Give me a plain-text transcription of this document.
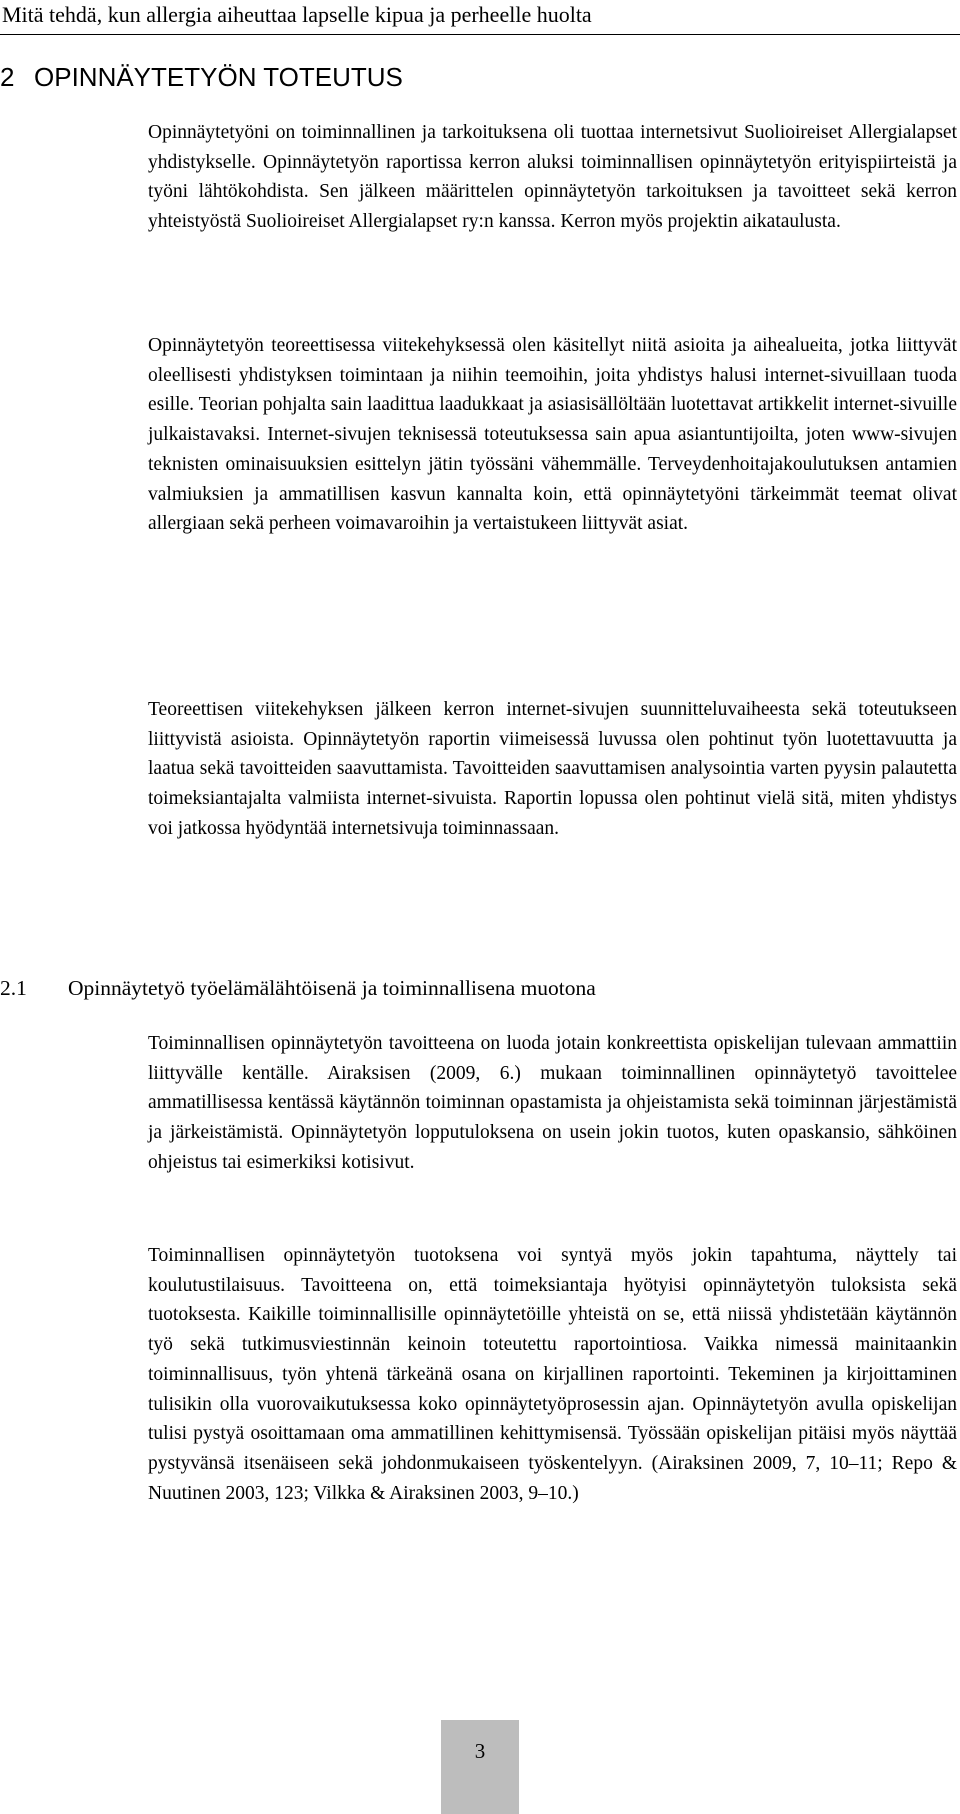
Mitä tehdä, kun allergia aiheuttaa lapselle kipua ja perheelle huolta
2 OPINNÄYTETYÖN TOTEUTUS

Opinnäytetyöni on toiminnallinen ja tarkoituksena oli tuottaa internetsivut Suolioireiset Allergialapset yhdistykselle. Opinnäytetyön raportissa kerron aluksi toiminnallisen opinnäytetyön erityispiirteistä ja työni lähtökohdista. Sen jälkeen määrittelen opinnäytetyön tarkoituksen ja tavoitteet sekä kerron yhteistyöstä Suolioireiset Allergialapset ry:n kanssa. Kerron myös projektin aikataulusta.

Opinnäytetyön teoreettisessa viitekehyksessä olen käsitellyt niitä asioita ja aihealueita, jotka liittyvät oleellisesti yhdistyksen toimintaan ja niihin teemoihin, joita yhdistys halusi internet-sivuillaan tuoda esille. Teorian pohjalta sain laadittua laadukkaat ja asiasisällöltään luotettavat artikkelit internet-sivuille julkaistavaksi. Internet-sivujen teknisessä toteutuksessa sain apua asiantuntijoilta, joten www-sivujen teknisten ominaisuuksien esittelyn jätin työssäni vähemmälle. Terveydenhoitajakoulutuksen antamien valmiuksien ja ammatillisen kasvun kannalta koin, että opinnäytetyöni tärkeimmät teemat olivat allergiaan sekä perheen voimavaroihin ja vertaistukeen liittyvät asiat.

Teoreettisen viitekehyksen jälkeen kerron internet-sivujen suunnitteluvaiheesta sekä toteutukseen liittyvistä asioista. Opinnäytetyön raportin viimeisessä luvussa olen pohtinut työn luotettavuutta ja laatua sekä tavoitteiden saavuttamista. Tavoitteiden saavuttamisen analysointia varten pyysin palautetta toimeksiantajalta valmiista internet-sivuista. Raportin lopussa olen pohtinut vielä sitä, miten yhdistys voi jatkossa hyödyntää internetsivuja toiminnassaan.

2.1 Opinnäytetyö työelämälähtöisenä ja toiminnallisena muotona

Toiminnallisen opinnäytetyön tavoitteena on luoda jotain konkreettista opiskelijan tulevaan ammattiin liittyvälle kentälle. Airaksisen (2009, 6.) mukaan toiminnallinen opinnäytetyö tavoittelee ammatillisessa kentässä käytännön toiminnan opastamista ja ohjeistamista sekä toiminnan järjestämistä ja järkeistämistä. Opinnäytetyön lopputuloksena on usein jokin tuotos, kuten opaskansio, sähköinen ohjeistus tai esimerkiksi kotisivut.

Toiminnallisen opinnäytetyön tuotoksena voi syntyä myös jokin tapahtuma, näyttely tai koulutustilaisuus. Tavoitteena on, että toimeksiantaja hyötyisi opinnäytetyön tuloksista sekä tuotoksesta. Kaikille toiminnallisille opinnäytetöille yhteistä on se, että niissä yhdistetään käytännön työ sekä tutkimusviestinnän keinoin toteutettu raportointiosa. Vaikka nimessä mainitaankin toiminnallisuus, työn yhtenä tärkeänä osana on kirjallinen raportointi. Tekeminen ja kirjoittaminen tulisikin olla vuorovaikutuksessa koko opinnäytetyöprosessin ajan. Opinnäytetyön avulla opiskelijan tulisi pystyä osoittamaan oma ammatillinen kehittymisensä. Työssään opiskelijan pitäisi myös näyttää pystyvänsä itsenäiseen sekä johdonmukaiseen työskentelyyn. (Airaksinen 2009, 7, 10–11; Repo & Nuutinen 2003, 123; Vilkka & Airaksinen 2003, 9–10.)

3
